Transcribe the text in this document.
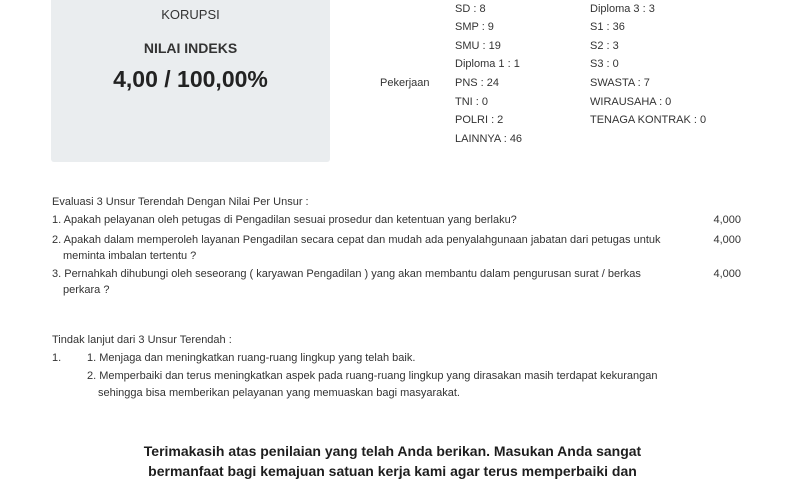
KORUPSI
NILAI INDEKS
4,00 / 100,00%
SD : 8
SMP : 9
SMU : 19
Diploma 1 : 1
Diploma 3 : 3
S1 : 36
S2 : 3
S3 : 0
Pekerjaan PNS : 24
TNI : 0
POLRI : 2
LAINNYA : 46
SWASTA : 7
WIRAUSAHA : 0
TENAGA KONTRAK : 0
Evaluasi 3 Unsur Terendah Dengan Nilai Per Unsur :
1. Apakah pelayanan oleh petugas di Pengadilan sesuai prosedur dan ketentuan yang berlaku?	4,000
2. Apakah dalam memperoleh layanan Pengadilan secara cepat dan mudah ada penyalahgunaan jabatan dari petugas untuk
meminta imbalan tertentu ?
4,000
3. Pernahkah dihubungi oleh seseorang ( karyawan Pengadilan ) yang akan membantu dalam pengurusan surat / berkas
perkara ?
4,000
Tindak lanjut dari 3 Unsur Terendah :
1. 1. Menjaga dan meningkatkan ruang-ruang lingkup yang telah baik.
2. Memperbaiki dan terus meningkatkan aspek pada ruang-ruang lingkup yang dirasakan masih terdapat kekurangan
sehingga bisa memberikan pelayanan yang memuaskan bagi masyarakat.
Terimakasih atas penilaian yang telah Anda berikan. Masukan Anda sangat
bermanfaat bagi kemajuan satuan kerja kami agar terus memperbaiki dan
